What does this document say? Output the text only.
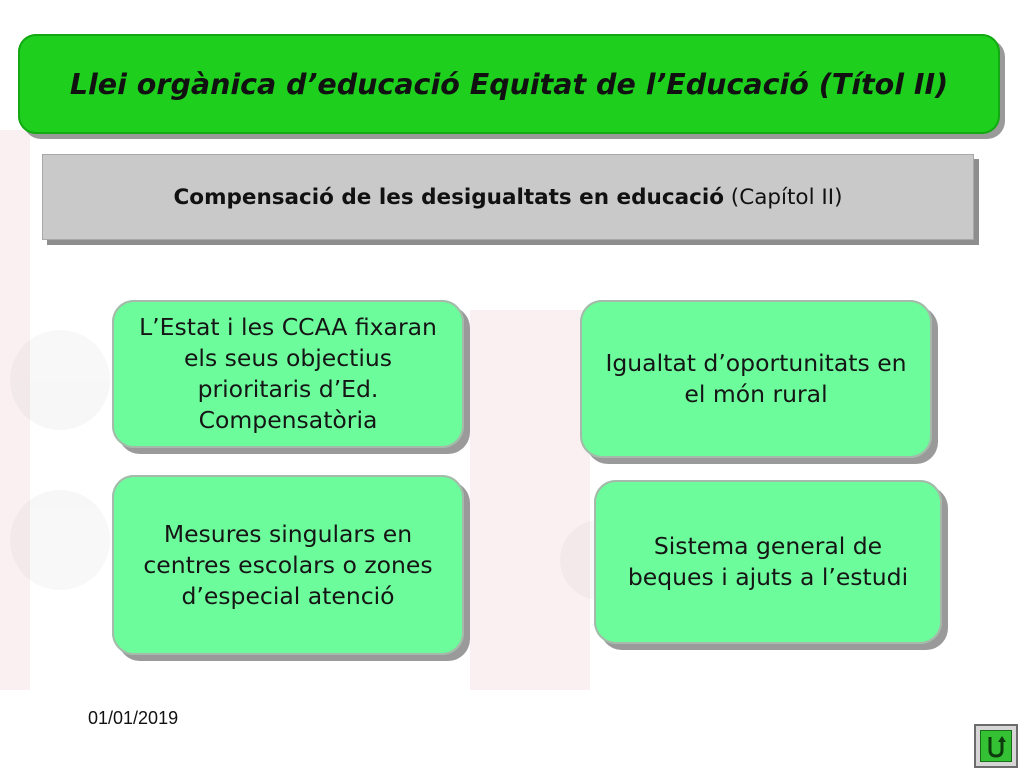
Llei orgànica d’educació Equitat de l’Educació (Títol II)
Compensació de les desigualtats en educació (Capítol II)
L’Estat i les CCAA fixaran els seus objectius prioritaris d’Ed. Compensatòria
Igualtat d’oportunitats en el món rural
Mesures singulars en centres escolars o zones d’especial atenció
Sistema general de beques i ajuts a l’estudi
01/01/2019
